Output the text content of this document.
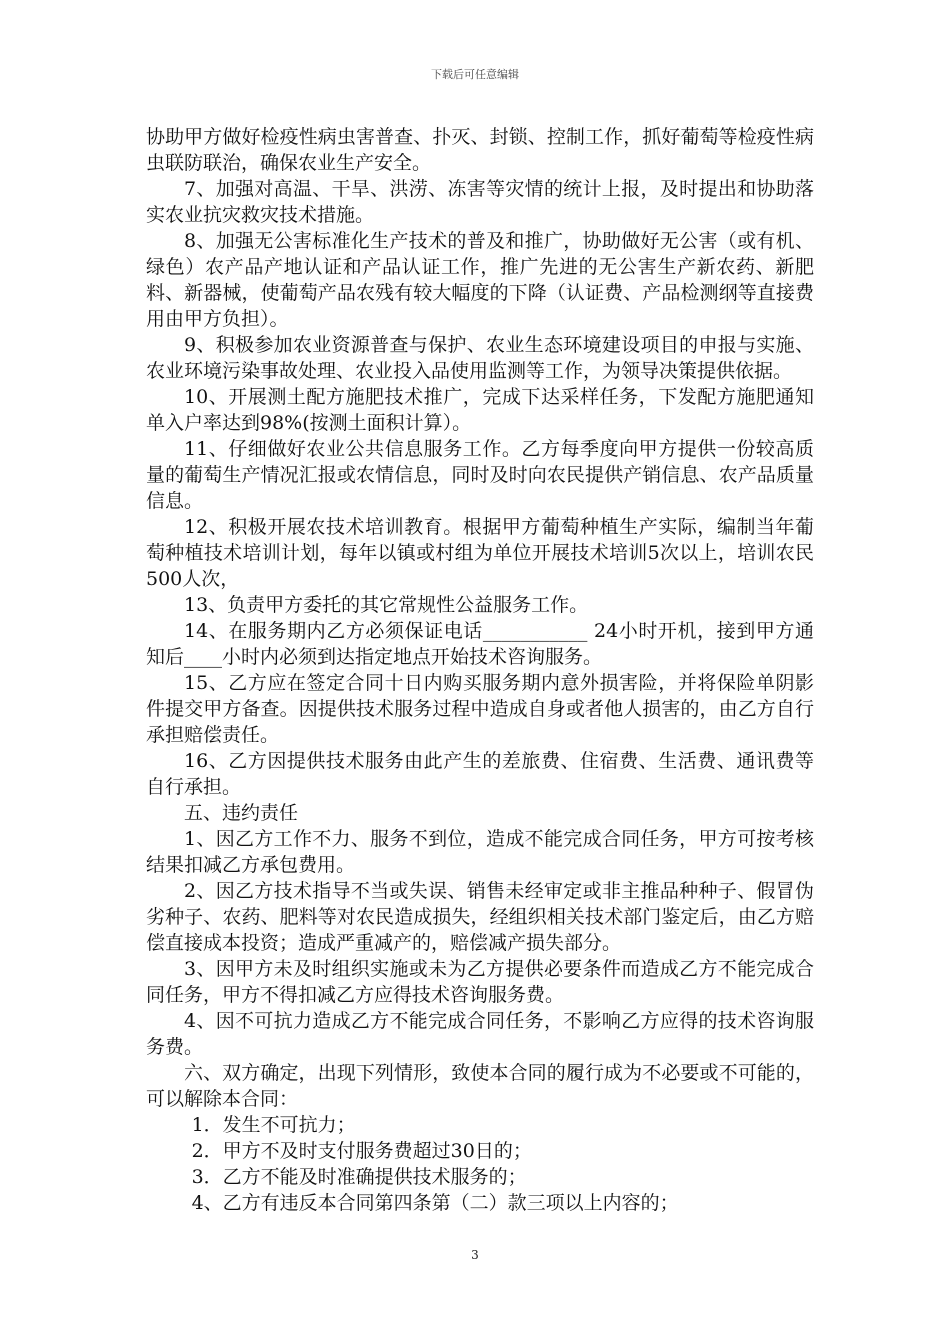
下载后可任意编辑

协助甲方做好检疫性病虫害普查、扑灭、封锁、控制工作，抓好葡萄等检疫性病虫联防联治，确保农业生产安全。

7、加强对高温、干旱、洪涝、冻害等灾情的统计上报，及时提出和协助落实农业抗灾救灾技术措施。

8、加强无公害标准化生产技术的普及和推广，协助做好无公害（或有机、绿色）农产品产地认证和产品认证工作，推广先进的无公害生产新农药、新肥料、新器械，使葡萄产品农残有较大幅度的下降（认证费、产品检测纲等直接费用由甲方负担）。

9、积极参加农业资源普查与保护、农业生态环境建设项目的申报与实施、农业环境污染事故处理、农业投入品使用监测等工作，为领导决策提供依据。

10、开展测土配方施肥技术推广，完成下达采样任务，下发配方施肥通知单入户率达到98%(按测土面积计算）。

11、仔细做好农业公共信息服务工作。乙方每季度向甲方提供一份较高质量的葡萄生产情况汇报或农情信息，同时及时向农民提供产销信息、农产品质量信息。

12、积极开展农技术培训教育。根据甲方葡萄种植生产实际，编制当年葡萄种植技术培训计划，每年以镇或村组为单位开展技术培训5次以上，培训农民500人次，

13、负责甲方委托的其它常规性公益服务工作。

14、在服务期内乙方必须保证电话___________ 24小时开机，接到甲方通知后____小时内必须到达指定地点开始技术咨询服务。

15、乙方应在签定合同十日内购买服务期内意外损害险，并将保险单阴影件提交甲方备查。因提供技术服务过程中造成自身或者他人损害的，由乙方自行承担赔偿责任。

16、乙方因提供技术服务由此产生的差旅费、住宿费、生活费、通讯费等自行承担。

五、违约责任

1、因乙方工作不力、服务不到位，造成不能完成合同任务，甲方可按考核结果扣减乙方承包费用。

2、因乙方技术指导不当或失误、销售未经审定或非主推品种种子、假冒伪劣种子、农药、肥料等对农民造成损失，经组织相关技术部门鉴定后，由乙方赔偿直接成本投资；造成严重减产的，赔偿减产损失部分。

3、因甲方未及时组织实施或未为乙方提供必要条件而造成乙方不能完成合同任务，甲方不得扣减乙方应得技术咨询服务费。

4、因不可抗力造成乙方不能完成合同任务，不影响乙方应得的技术咨询服务费。

六、双方确定，出现下列情形，致使本合同的履行成为不必要或不可能的，可以解除本合同：

1．发生不可抗力；

2．甲方不及时支付服务费超过30日的；

3．乙方不能及时准确提供技术服务的；

4、乙方有违反本合同第四条第（二）款三项以上内容的；

3
